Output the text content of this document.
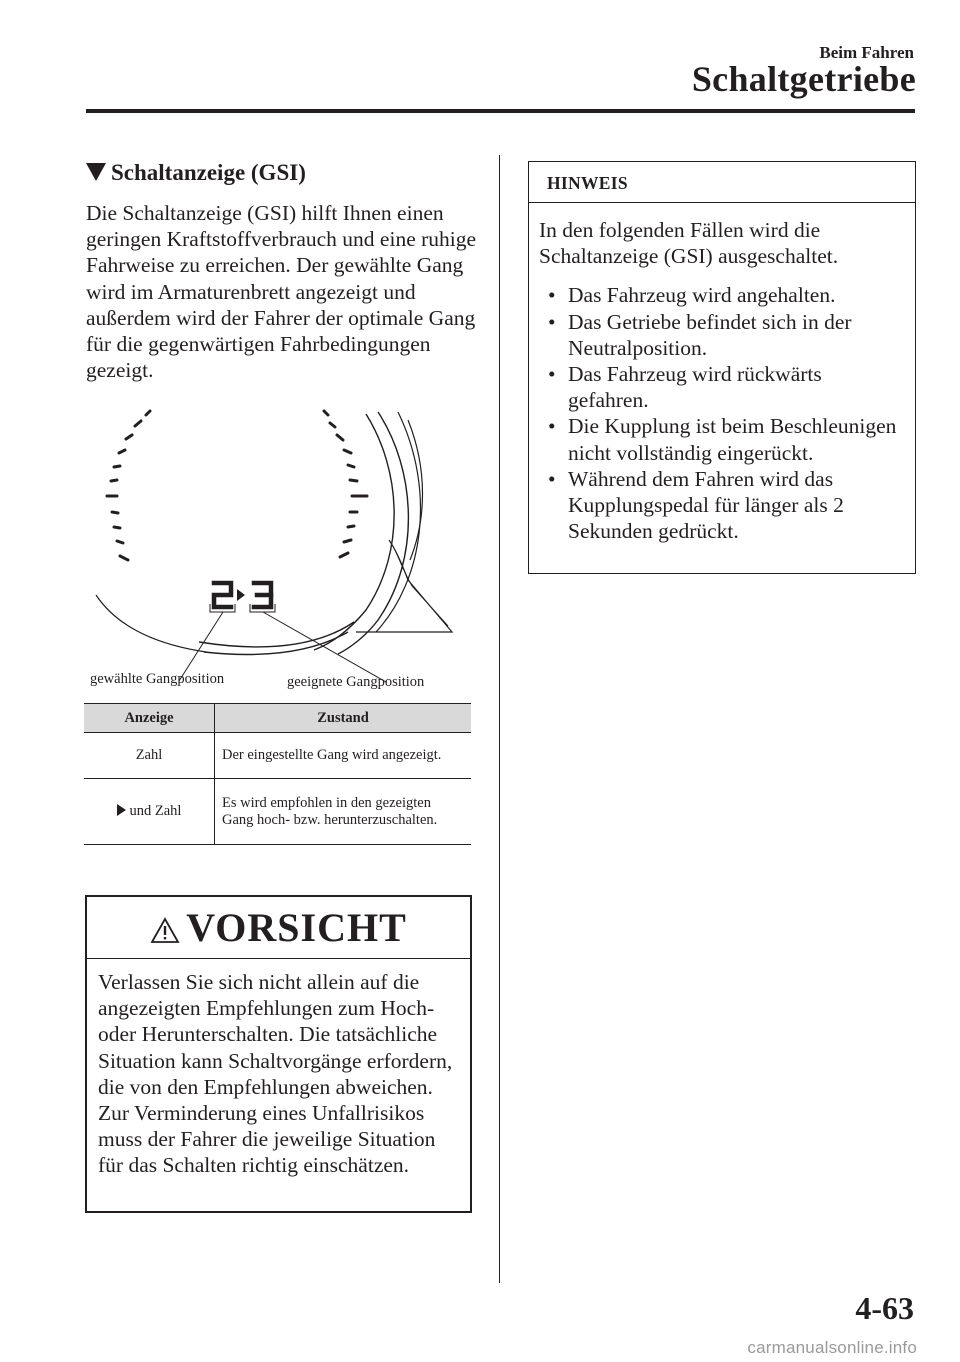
Beim Fahren
Schaltgetriebe
Schaltanzeige (GSI)

Die Schaltanzeige (GSI) hilft Ihnen einen geringen Kraftstoffverbrauch und eine ruhige Fahrweise zu erreichen. Der gewählte Gang wird im Armaturenbrett angezeigt und außerdem wird der Fahrer der optimale Gang für die gegenwärtigen Fahrbedingungen gezeigt.

gewählte Gangposition	geeignete Gangposition
Anzeige	Zustand
Zahl	Der eingestellte Gang wird angezeigt.
und Zahl	Es wird empfohlen in den gezeigten Gang hoch- bzw. herunterzuschalten.
VORSICHT
Verlassen Sie sich nicht allein auf die angezeigten Empfehlungen zum Hoch- oder Herunterschalten. Die tatsächliche Situation kann Schaltvorgänge erfordern, die von den Empfehlungen abweichen. Zur Verminderung eines Unfallrisikos muss der Fahrer die jeweilige Situation für das Schalten richtig einschätzen.
HINWEIS

In den folgenden Fällen wird die Schaltanzeige (GSI) ausgeschaltet.

• Das Fahrzeug wird angehalten.
• Das Getriebe befindet sich in der Neutralposition.
• Das Fahrzeug wird rückwärts gefahren.
• Die Kupplung ist beim Beschleunigen nicht vollständig eingerückt.
• Während dem Fahren wird das Kupplungspedal für länger als 2 Sekunden gedrückt.
4-63
carmanualsonline.info
